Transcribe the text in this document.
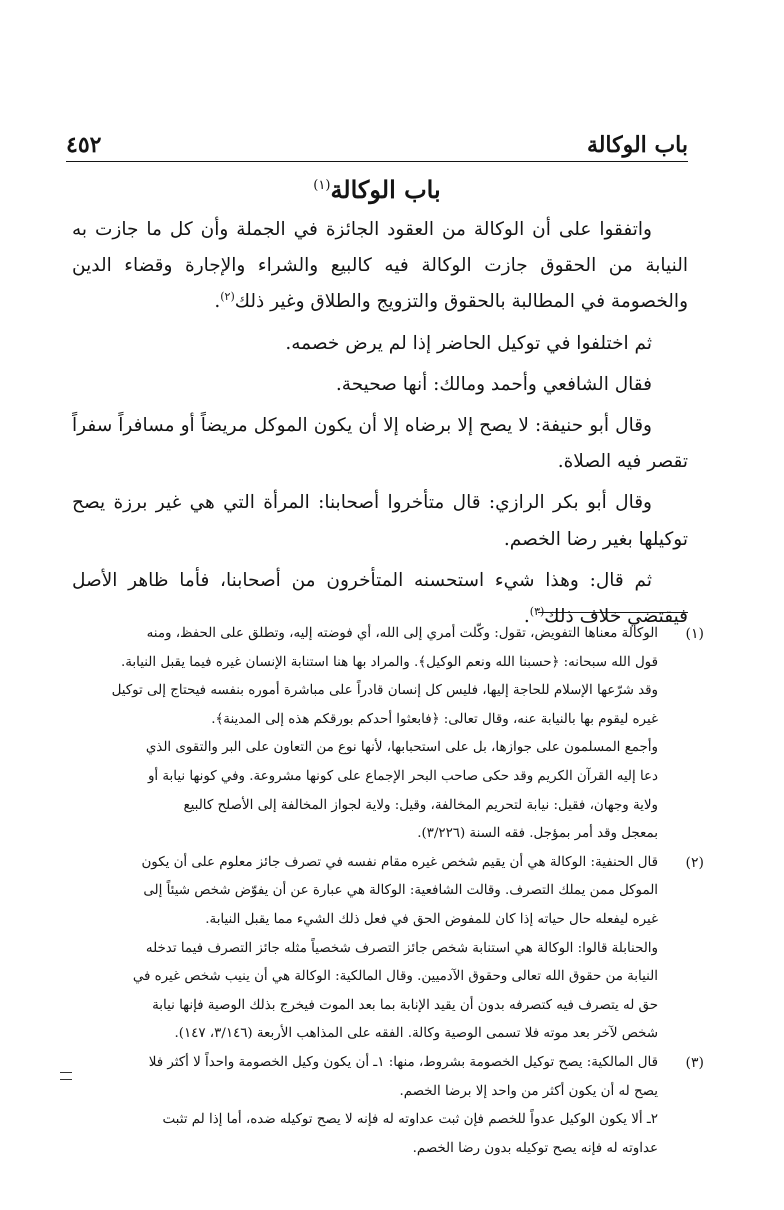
باب الوكالة
٤٥٢
باب الوكالة$^{(١)}$

واتفقوا على أن الوكالة من العقود الجائزة في الجملة وأن كل ما جازت به النيابة من الحقوق جازت الوكالة فيه كالبيع والشراء والإجارة وقضاء الدين والخصومة في المطالبة بالحقوق والتزويج والطلاق وغير ذلك$^{(٢)}$.

ثم اختلفوا في توكيل الحاضر إذا لم يرض خصمه.

فقال الشافعي وأحمد ومالك: أنها صحيحة.

وقال أبو حنيفة: لا يصح إلا برضاه إلا أن يكون الموكل مريضاً أو مسافراً سفراً تقصر فيه الصلاة.

وقال أبو بكر الرازي: قال متأخروا أصحابنا: المرأة التي هي غير برزة يصح توكيلها بغير رضا الخصم.

ثم قال: وهذا شيء استحسنه المتأخرون من أصحابنا، فأما ظاهر الأصل فيقتضي خلاف ذلك$^{(٣)}$.

(١)
الوكالة معناها التفويض، تقول: وكّلت أمري إلى الله، أي فوضته إليه، وتطلق على الحفظ، ومنه
قول الله سبحانه: ﴿حسبنا الله ونعم الوكيل﴾. والمراد بها هنا استنابة الإنسان غيره فيما يقبل النيابة.
وقد شرّعها الإسلام للحاجة إليها، فليس كل إنسان قادراً على مباشرة أموره بنفسه فيحتاج إلى توكيل
غيره ليقوم بها بالنيابة عنه، وقال تعالى: ﴿فابعثوا أحدكم بورقكم هذه إلى المدينة﴾.
وأجمع المسلمون على جوازها، بل على استحبابها، لأنها نوع من التعاون على البر والتقوى الذي
دعا إليه القرآن الكريم وقد حكى صاحب البحر الإجماع على كونها مشروعة. وفي كونها نيابة أو
ولاية وجهان، فقيل: نيابة لتحريم المخالفة، وقيل: ولاية لجواز المخالفة إلى الأصلح كالبيع
بمعجل وقد أمر بمؤجل. فقه السنة (٣/٢٢٦).
(٢)
قال الحنفية: الوكالة هي أن يقيم شخص غيره مقام نفسه في تصرف جائز معلوم على أن يكون
الموكل ممن يملك التصرف. وقالت الشافعية: الوكالة هي عبارة عن أن يفوّض شخص شيئاً إلى
غيره ليفعله حال حياته إذا كان للمفوض الحق في فعل ذلك الشيء مما يقبل النيابة.
والحنابلة قالوا: الوكالة هي استنابة شخص جائز التصرف شخصياً مثله جائز التصرف فيما تدخله
النيابة من حقوق الله تعالى وحقوق الآدميين. وقال المالكية: الوكالة هي أن ينيب شخص غيره في
حق له يتصرف فيه كتصرفه بدون أن يقيد الإنابة بما بعد الموت فيخرج بذلك الوصية فإنها نيابة
شخص لآخر بعد موته فلا تسمى الوصية وكالة. الفقه على المذاهب الأربعة (٣/١٤٦، ١٤٧).
(٣)
قال المالكية: يصح توكيل الخصومة بشروط، منها: ١ـ أن يكون وكيل الخصومة واحداً لا أكثر فلا
يصح له أن يكون أكثر من واحد إلا برضا الخصم.
٢ـ ألا يكون الوكيل عدواً للخصم فإن ثبت عداوته له فإنه لا يصح توكيله ضده، أما إذا لم تثبت
عداوته له فإنه يصح توكيله بدون رضا الخصم.
